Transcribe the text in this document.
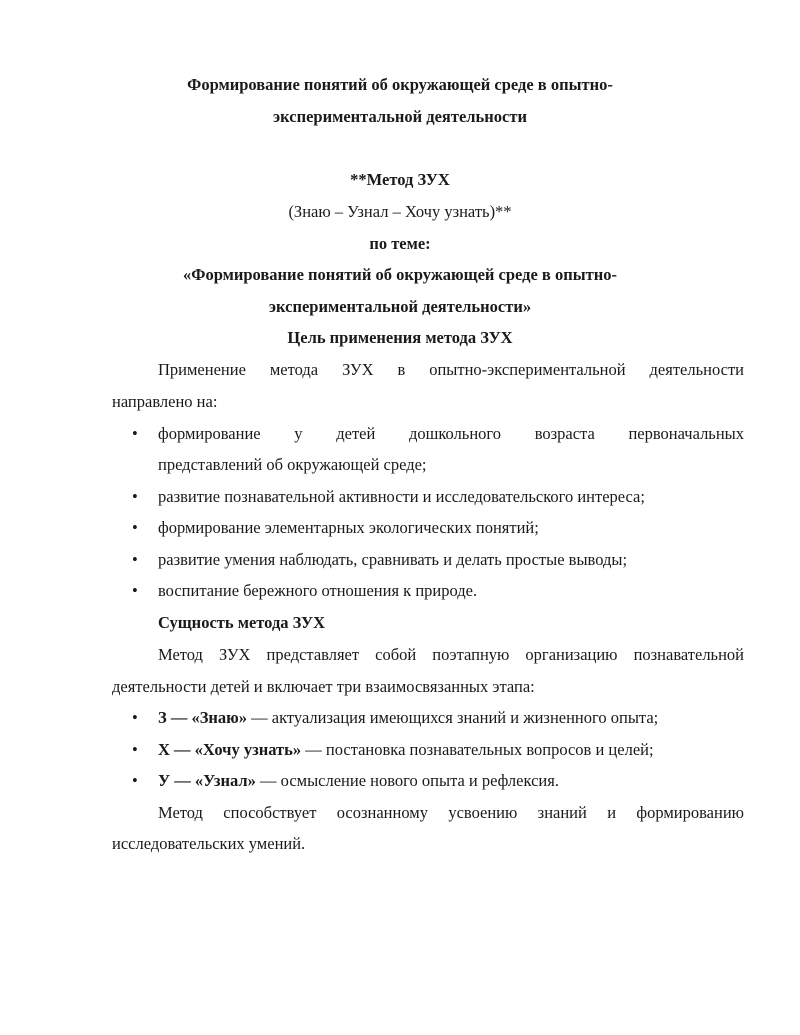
Формирование понятий об окружающей среде в опытно-
экспериментальной деятельности
**Метод ЗУХ
(Знаю – Узнал – Хочу узнать)**
по теме:
«Формирование понятий об окружающей среде в опытно-
экспериментальной деятельности»
Цель применения метода ЗУХ
Применение метода ЗУХ в опытно-экспериментальной деятельности
направлено на:
• формирование у детей дошкольного возраста первоначальных
представлений об окружающей среде;
• развитие познавательной активности и исследовательского интереса;
• формирование элементарных экологических понятий;
• развитие умения наблюдать, сравнивать и делать простые выводы;
• воспитание бережного отношения к природе.
Сущность метода ЗУХ
Метод ЗУХ представляет собой поэтапную организацию познавательной
деятельности детей и включает три взаимосвязанных этапа:
• З — «Знаю» — актуализация имеющихся знаний и жизненного опыта;
• Х — «Хочу узнать» — постановка познавательных вопросов и целей;
• У — «Узнал» — осмысление нового опыта и рефлексия.
Метод способствует осознанному усвоению знаний и формированию
исследовательских умений.
